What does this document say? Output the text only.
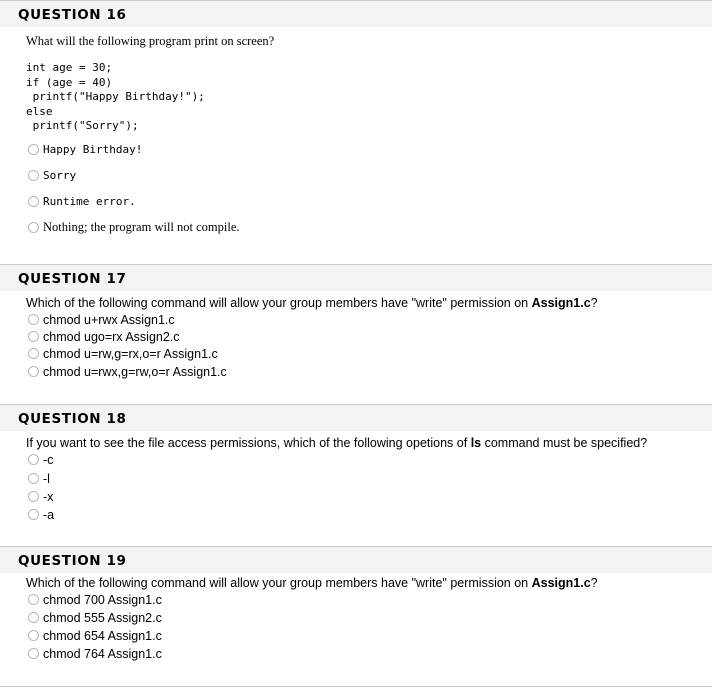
QUESTION 16
What will the following program print on screen?
int age = 30;
if (age = 40)
printf("Happy Birthday!");
else
printf("Sorry");
Happy Birthday!
Sorry
Runtime error.
Nothing; the program will not compile.
QUESTION 17
Which of the following command will allow your group members have "write" permission on Assign1.c?
chmod u+rwx Assign1.c
chmod ugo=rx Assign2.c
chmod u=rw,g=rx,o=r Assign1.c
chmod u=rwx,g=rw,o=r Assign1.c
QUESTION 18
If you want to see the file access permissions, which of the following opetions of ls command must be specified?
-c
-l
-x
-a
QUESTION 19
Which of the following command will allow your group members have "write" permission on Assign1.c?
chmod 700 Assign1.c
chmod 555 Assign2.c
chmod 654 Assign1.c
chmod 764 Assign1.c
